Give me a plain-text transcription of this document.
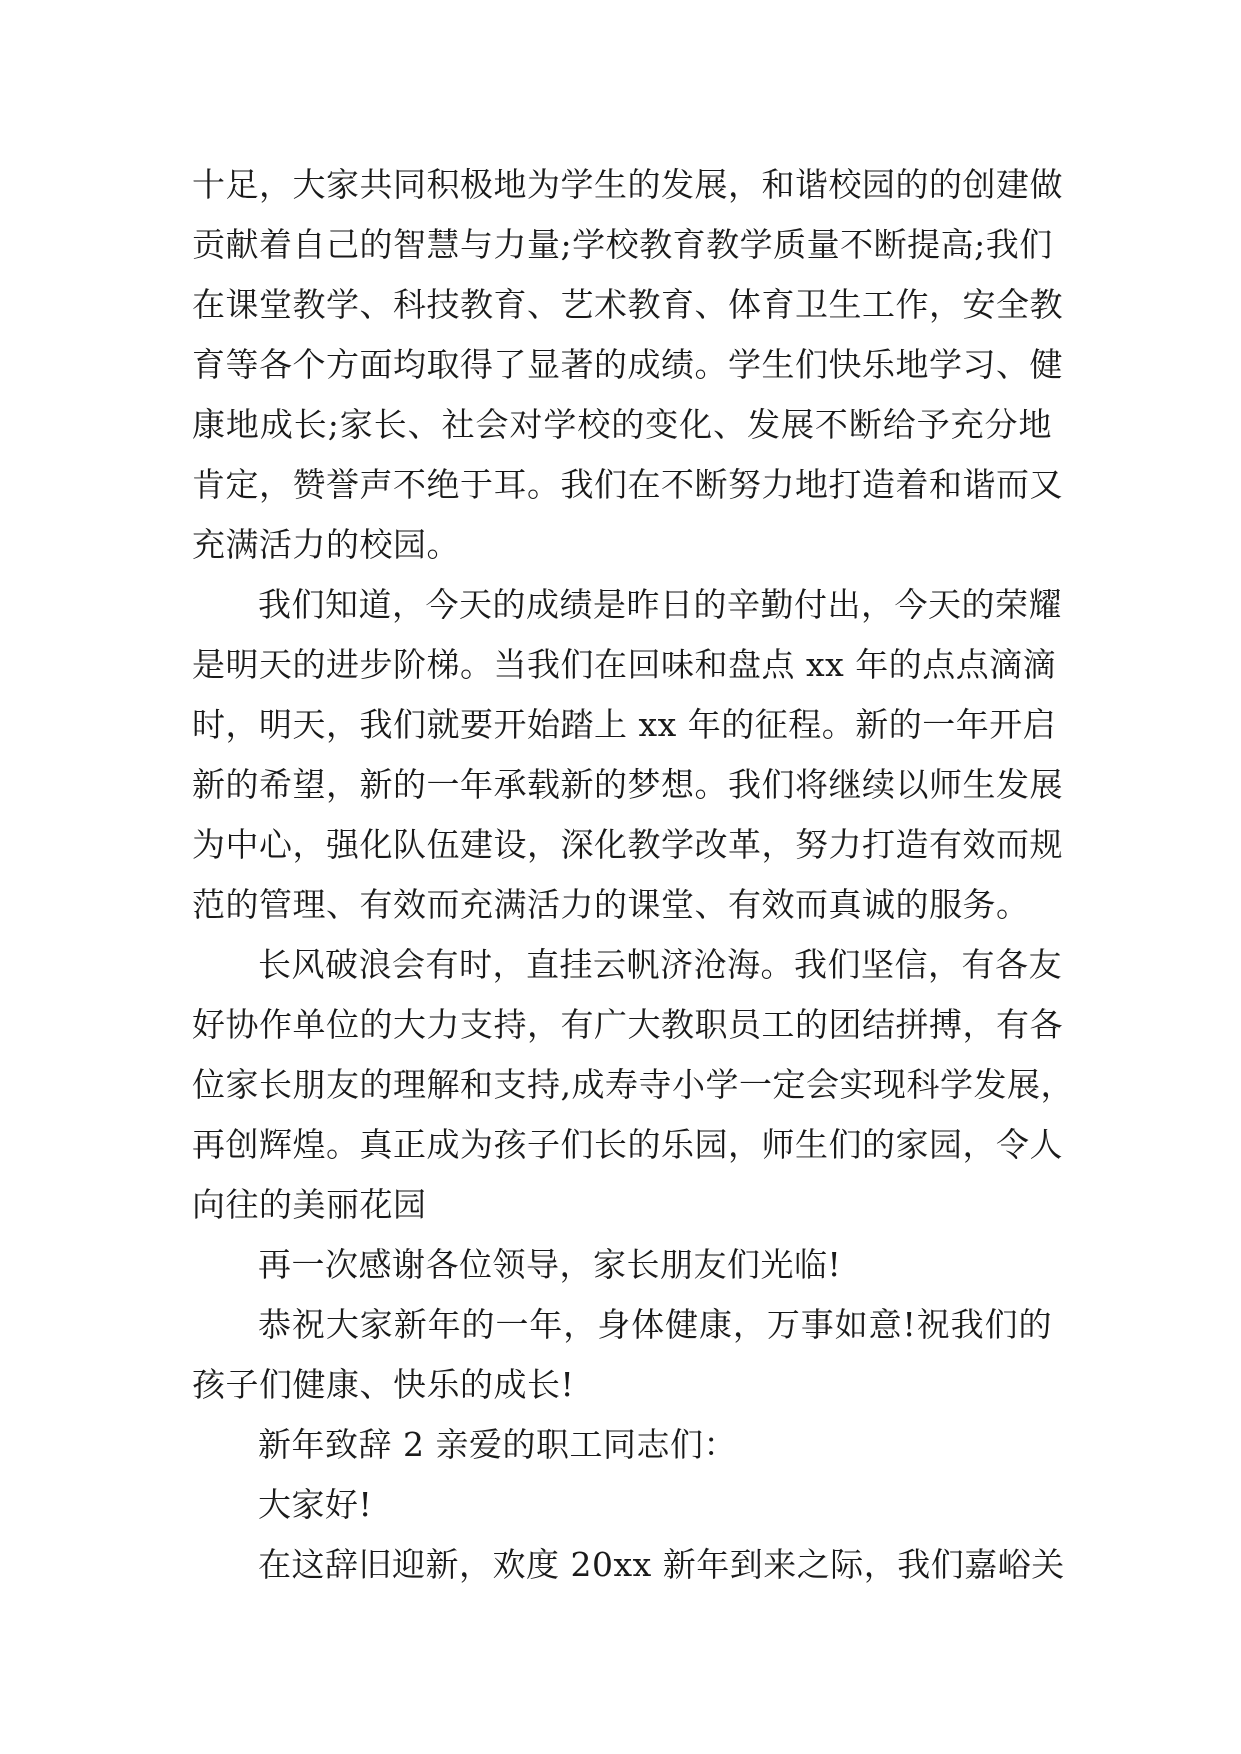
十足，大家共同积极地为学生的发展，和谐校园的的创建做
贡献着自己的智慧与力量;学校教育教学质量不断提高;我们
在课堂教学、科技教育、艺术教育、体育卫生工作，安全教
育等各个方面均取得了显著的成绩。学生们快乐地学习、健
康地成长;家长、社会对学校的变化、发展不断给予充分地
肯定，赞誉声不绝于耳。我们在不断努力地打造着和谐而又
充满活力的校园。
我们知道，今天的成绩是昨日的辛勤付出，今天的荣耀
是明天的进步阶梯。当我们在回味和盘点 xx 年的点点滴滴
时，明天，我们就要开始踏上 xx 年的征程。新的一年开启
新的希望，新的一年承载新的梦想。我们将继续以师生发展
为中心，强化队伍建设，深化教学改革，努力打造有效而规
范的管理、有效而充满活力的课堂、有效而真诚的服务。
长风破浪会有时，直挂云帆济沧海。我们坚信，有各友
好协作单位的大力支持，有广大教职员工的团结拼搏，有各
位家长朋友的理解和支持,成寿寺小学一定会实现科学发展，
再创辉煌。真正成为孩子们长的乐园，师生们的家园，令人
向往的美丽花园
再一次感谢各位领导，家长朋友们光临!
恭祝大家新年的一年，身体健康，万事如意!祝我们的
孩子们健康、快乐的成长!
新年致辞 2 亲爱的职工同志们：
大家好!
在这辞旧迎新，欢度 20xx 新年到来之际，我们嘉峪关
